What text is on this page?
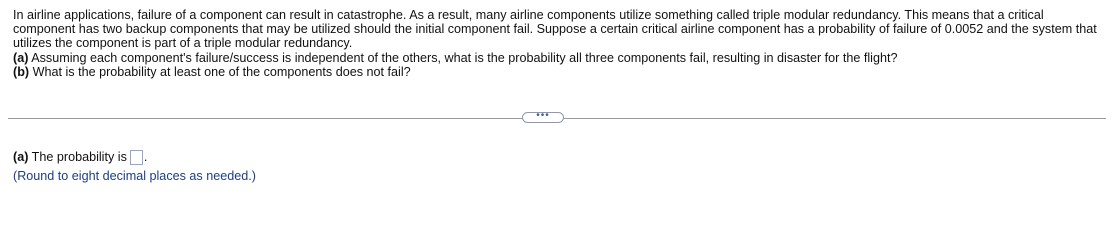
In airline applications, failure of a component can result in catastrophe. As a result, many airline components utilize something called triple modular redundancy. This means that a critical component has two backup components that may be utilized should the initial component fail. Suppose a certain critical airline component has a probability of failure of 0.0052 and the system that utilizes the component is part of a triple modular redundancy.

(a) Assuming each component's failure/success is independent of the others, what is the probability all three components fail, resulting in disaster for the flight?

(b) What is the probability at least one of the components does not fail?

•••
(a) The probability is .
(Round to eight decimal places as needed.)
